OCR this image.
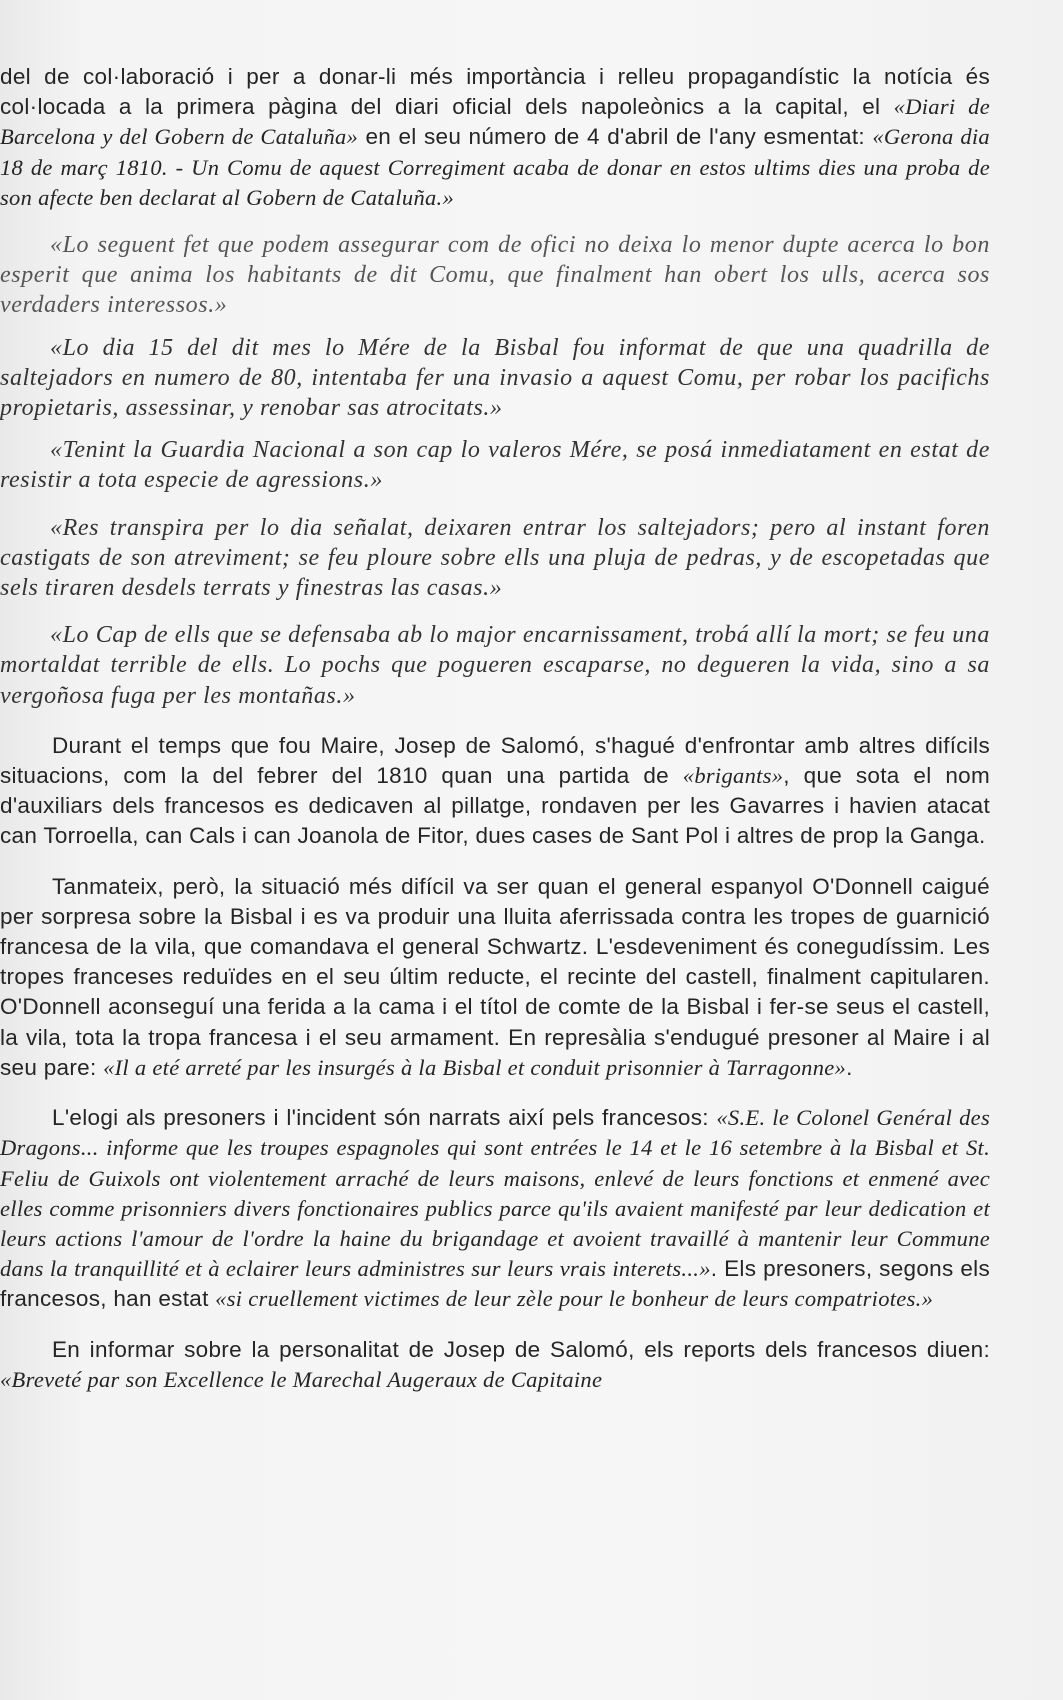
del de col·laboració i per a donar-li més importància i relleu propagandístic la notícia és col·locada a la primera pàgina del diari oficial dels napoleònics a la capital, el «Diari de Barcelona y del Gobern de Cataluña» en el seu número de 4 d'abril de l'any esmentat: «Gerona dia 18 de març 1810. - Un Comu de aquest Corregiment acaba de donar en estos ultims dies una proba de son afecte ben declarat al Gobern de Cataluña.»

«Lo seguent fet que podem assegurar com de ofici no deixa lo menor dupte acerca lo bon esperit que anima los habitants de dit Comu, que finalment han obert los ulls, acerca sos verdaders interessos.»

«Lo dia 15 del dit mes lo Mére de la Bisbal fou informat de que una quadrilla de saltejadors en numero de 80, intentaba fer una invasio a aquest Comu, per robar los pacifichs propietaris, assessinar, y renobar sas atrocitats.»

«Tenint la Guardia Nacional a son cap lo valeros Mére, se posá inmediatament en estat de resistir a tota especie de agressions.»

«Res transpira per lo dia señalat, deixaren entrar los saltejadors; pero al instant foren castigats de son atreviment; se feu ploure sobre ells una pluja de pedras, y de escopetadas que sels tiraren desdels terrats y finestras las casas.»

«Lo Cap de ells que se defensaba ab lo major encarnissament, trobá allí la mort; se feu una mortaldat terrible de ells. Lo pochs que pogueren escaparse, no degueren la vida, sino a sa vergoñosa fuga per les montañas.»

Durant el temps que fou Maire, Josep de Salomó, s'hagué d'enfrontar amb altres difícils situacions, com la del febrer del 1810 quan una partida de «brigants», que sota el nom d'auxiliars dels francesos es dedicaven al pillatge, rondaven per les Gavarres i havien atacat can Torroella, can Cals i can Joanola de Fitor, dues cases de Sant Pol i altres de prop la Ganga.

Tanmateix, però, la situació més difícil va ser quan el general espanyol O'Donnell caigué per sorpresa sobre la Bisbal i es va produir una lluita aferrissada contra les tropes de guarnició francesa de la vila, que comandava el general Schwartz. L'esdeveniment és conegudíssim. Les tropes franceses reduïdes en el seu últim reducte, el recinte del castell, finalment capitularen. O'Donnell aconseguí una ferida a la cama i el títol de comte de la Bisbal i fer-se seus el castell, la vila, tota la tropa francesa i el seu armament. En represàlia s'endugué presoner al Maire i al seu pare: «Il a eté arreté par les insurgés à la Bisbal et conduit prisonnier à Tarragonne».

L'elogi als presoners i l'incident són narrats així pels francesos: «S.E. le Colonel Genéral des Dragons... informe que les troupes espagnoles qui sont entrées le 14 et le 16 setembre à la Bisbal et St. Feliu de Guixols ont violentement arraché de leurs maisons, enlevé de leurs fonctions et enmené avec elles comme prisonniers divers fonctionaires publics parce qu'ils avaient manifesté par leur dedication et leurs actions l'amour de l'ordre la haine du brigandage et avoient travaillé à mantenir leur Commune dans la tranquillité et à eclairer leurs administres sur leurs vrais interets...». Els presoners, segons els francesos, han estat «si cruellement victimes de leur zèle pour le bonheur de leurs compatriotes.»

En informar sobre la personalitat de Josep de Salomó, els reports dels francesos diuen: «Breveté par son Excellence le Marechal Augeraux de Capitaine
